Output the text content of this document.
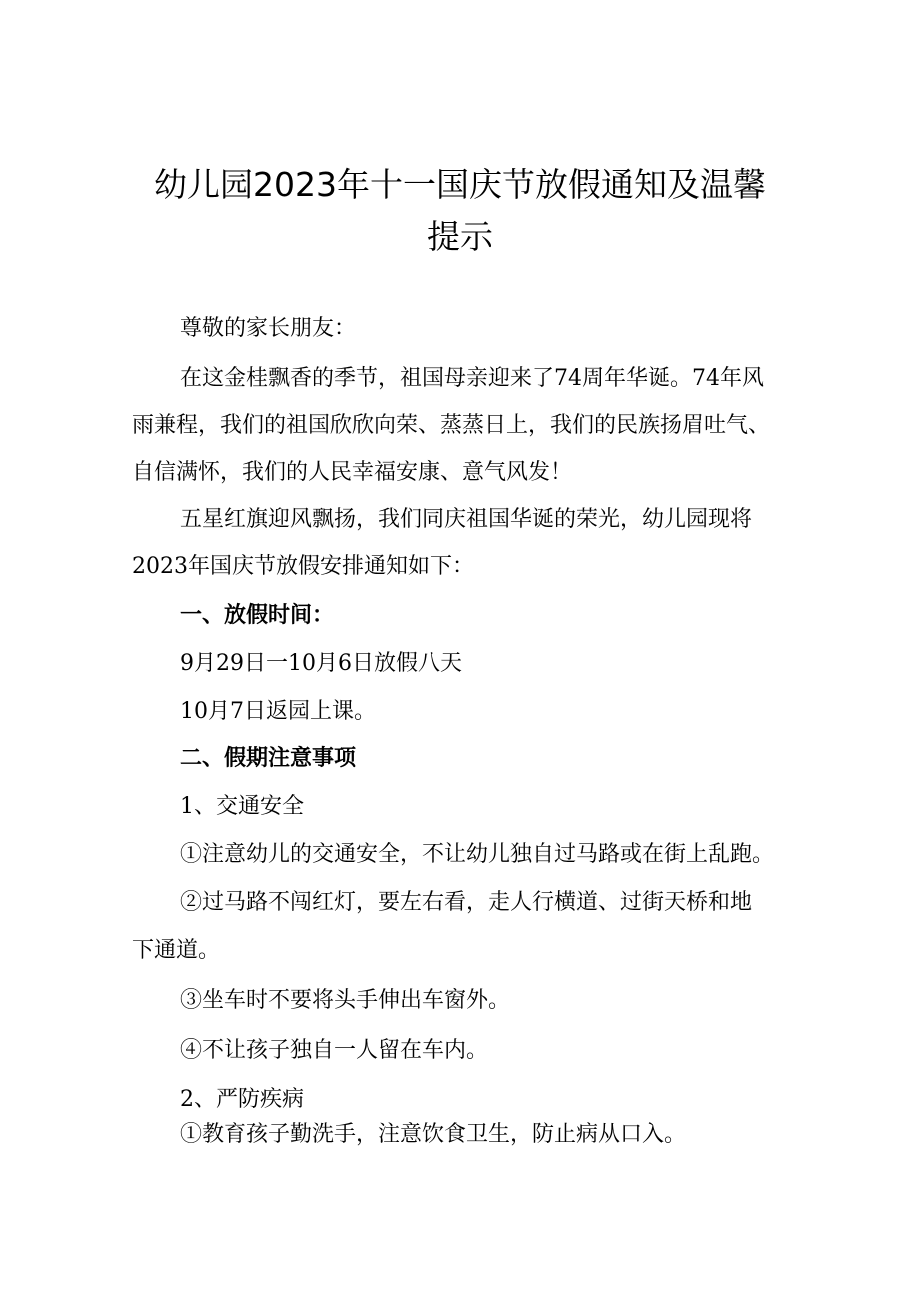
幼儿园2023年十一国庆节放假通知及温馨
提示

尊敬的家长朋友：

在这金桂飘香的季节，祖国母亲迎来了74周年华诞。74年风

雨兼程，我们的祖国欣欣向荣、蒸蒸日上，我们的民族扬眉吐气、

自信满怀，我们的人民幸福安康、意气风发！

五星红旗迎风飘扬，我们同庆祖国华诞的荣光，幼儿园现将

2023年国庆节放假安排通知如下：

一、放假时间：

9月29日一10月6日放假八天

10月7日返园上课。

二、假期注意事项

1、交通安全

①注意幼儿的交通安全，不让幼儿独自过马路或在街上乱跑。

②过马路不闯红灯，要左右看，走人行横道、过街天桥和地

下通道。

③坐车时不要将头手伸出车窗外。

④不让孩子独自一人留在车内。

2、严防疾病

①教育孩子勤洗手，注意饮食卫生，防止病从口入。
